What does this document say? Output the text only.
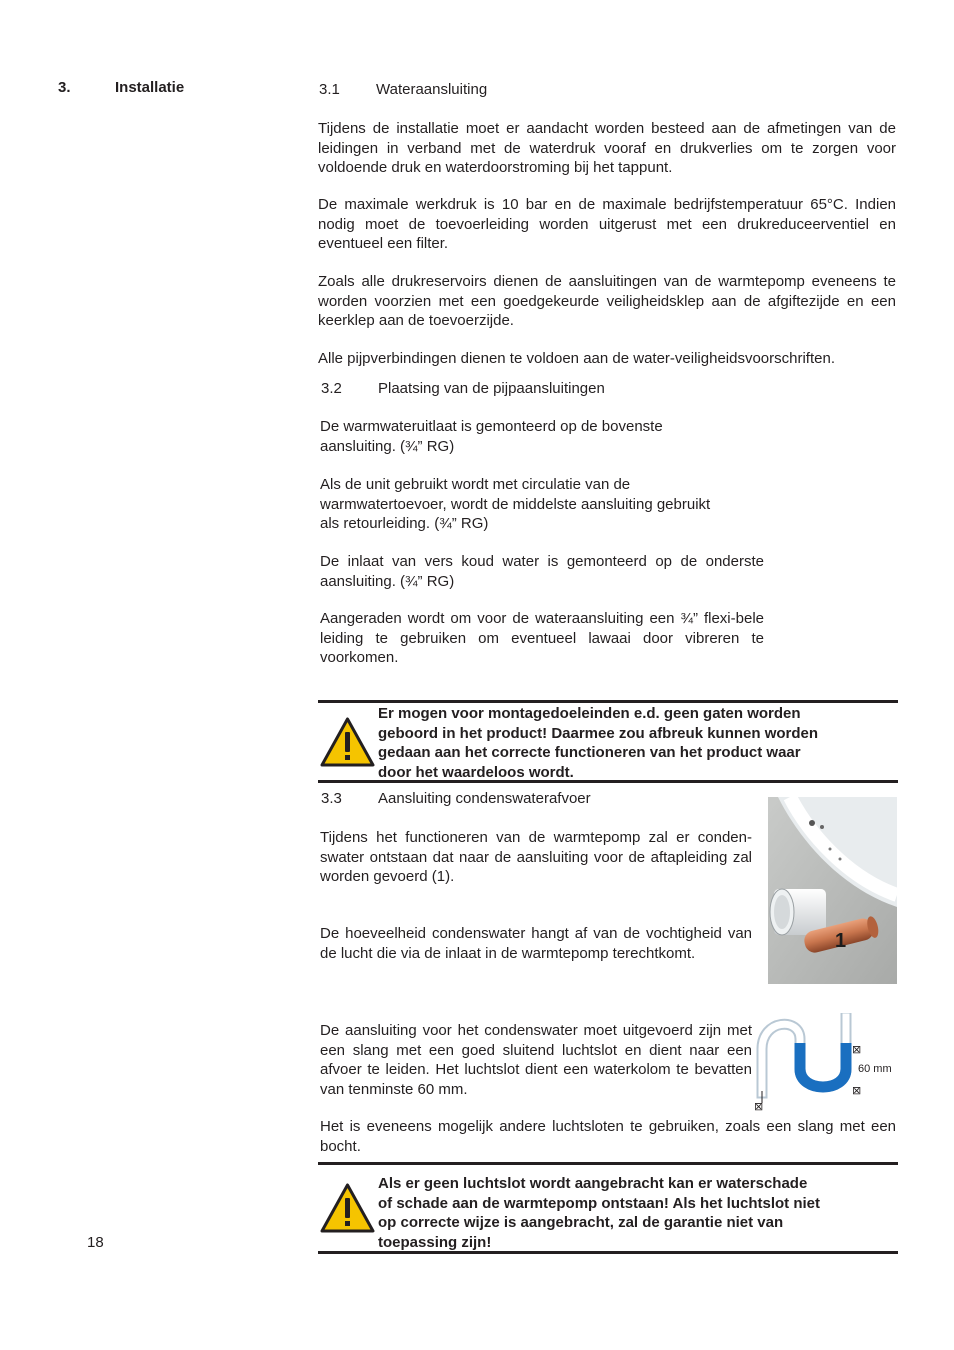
3.	Installatie
18
3.1 Wateraansluiting
Tijdens de installatie moet er aandacht worden besteed aan de afmetingen van de leidingen in verband met de waterdruk vooraf en drukverlies om te zorgen voor voldoende druk en waterdoorstroming bij het tappunt.
De maximale werkdruk is 10 bar en de maximale bedrijfstemperatuur 65°C. Indien nodig moet de toevoerleiding worden uitgerust met een drukreduceerventiel en eventueel een filter.
Zoals alle drukreservoirs dienen de aansluitingen van de warmtepomp eveneens te worden voorzien met een goedgekeurde veiligheidsklep aan de afgiftezijde en een keerklep aan de toevoerzijde.
Alle pijpverbindingen dienen te voldoen aan de water-veiligheidsvoorschriften.
3.2 Plaatsing van de pijpaansluitingen
De warmwateruitlaat is gemonteerd op de bovenste
aansluiting. (¾” RG)
Als de unit gebruikt wordt met circulatie van de
warmwatertoevoer, wordt de middelste aansluiting gebruikt
als retourleiding. (¾” RG)
De inlaat van vers koud water is gemonteerd op de onderste aansluiting. (¾” RG)
Aangeraden wordt om voor de wateraansluiting een ¾” flexi-bele leiding te gebruiken om eventueel lawaai door vibreren te voorkomen.
Er mogen voor montagedoeleinden e.d. geen gaten worden
geboord in het product! Daarmee zou afbreuk kunnen worden
gedaan aan het correcte functioneren van het product waar
door het waardeloos wordt.
3.3 Aansluiting condenswaterafvoer
Tijdens het functioneren van de warmtepomp zal er conden-swater ontstaan dat naar de aansluiting voor de aftapleiding zal worden gevoerd (1).
De hoeveelheid condenswater hangt af van de vochtigheid van de lucht die via de inlaat in de warmtepomp terechtkomt.
1
De aansluiting voor het condenswater moet uitgevoerd zijn met een slang met een goed sluitend luchtslot en dient naar een afvoer te leiden. Het luchtslot dient een waterkolom te bevatten van tenminste 60 mm.
⊠
⊠
60 mm
⊠
Het is eveneens mogelijk andere luchtsloten te gebruiken, zoals een slang met een bocht.
Als er geen luchtslot wordt aangebracht kan er waterschade
of schade aan de warmtepomp ontstaan! Als het luchtslot niet
op correcte wijze is aangebracht, zal de garantie niet van
toepassing zijn!
